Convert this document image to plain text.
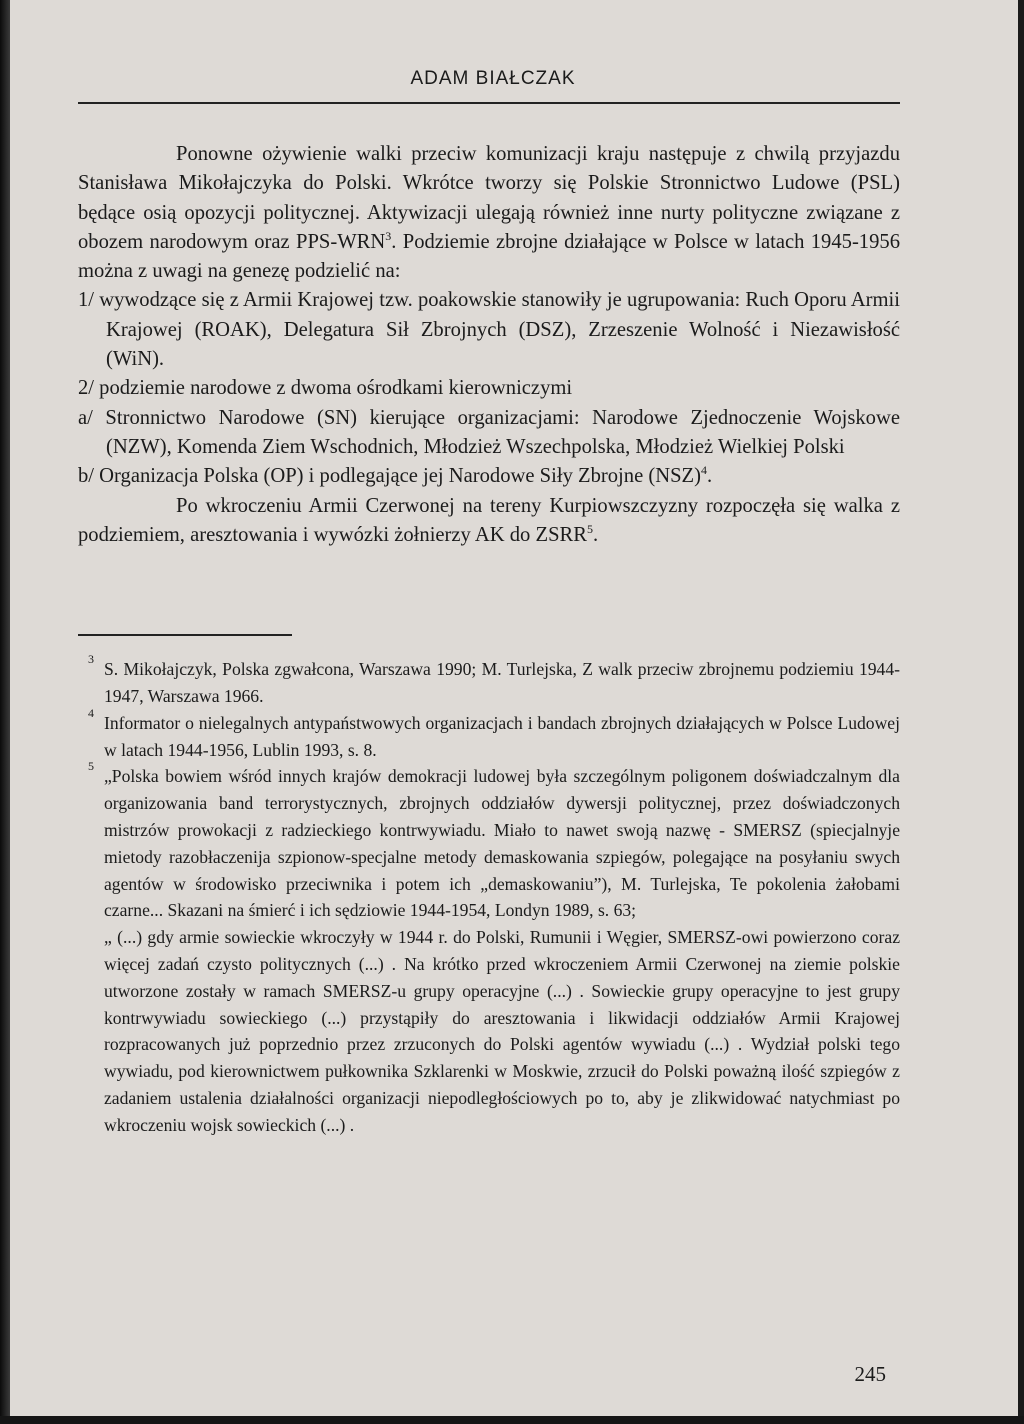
ADAM BIAŁCZAK

Ponowne ożywienie walki przeciw komunizacji kraju następuje z chwilą przyjazdu Stanisława Mikołajczyka do Polski. Wkrótce tworzy się Polskie Stronnictwo Ludowe (PSL) będące osią opozycji politycznej. Aktywizacji ulegają również inne nurty polityczne związane z obozem narodowym oraz PPS-WRN$^3$. Podziemie zbrojne działające w Polsce w latach 1945-1956 można z uwagi na genezę podzielić na:

1/ wywodzące się z Armii Krajowej tzw. poakowskie stanowiły je ugrupowania: Ruch Oporu Armii Krajowej (ROAK), Delegatura Sił Zbrojnych (DSZ), Zrzeszenie Wolność i Niezawisłość (WiN).

2/ podziemie narodowe z dwoma ośrodkami kierowniczymi

a/ Stronnictwo Narodowe (SN) kierujące organizacjami: Narodowe Zjednoczenie Wojskowe (NZW), Komenda Ziem Wschodnich, Młodzież Wszechpolska, Młodzież Wielkiej Polski

b/ Organizacja Polska (OP) i podlegające jej Narodowe Siły Zbrojne (NSZ)$^4$.

Po wkroczeniu Armii Czerwonej na tereny Kurpiowszczyzny rozpoczęła się walka z podziemiem, aresztowania i wywózki żołnierzy AK do ZSRR$^5$.

3 S. Mikołajczyk, Polska zgwałcona, Warszawa 1990; M. Turlejska, Z walk przeciw zbrojnemu podziemiu 1944-1947, Warszawa 1966.

4 Informator o nielegalnych antypaństwowych organizacjach i bandach zbrojnych działających w Polsce Ludowej w latach 1944-1956, Lublin 1993, s. 8.

5 „Polska bowiem wśród innych krajów demokracji ludowej była szczególnym poligonem doświadczalnym dla organizowania band terrorystycznych, zbrojnych oddziałów dywersji politycznej, przez doświadczonych mistrzów prowokacji z radzieckiego kontrwywiadu. Miało to nawet swoją nazwę - SMERSZ (spiecjalnyje mietody razobłaczenija szpionow-specjalne metody demaskowania szpiegów, polegające na posyłaniu swych agentów w środowisko przeciwnika i potem ich „demaskowaniu”), M. Turlejska, Te pokolenia żałobami czarne... Skazani na śmierć i ich sędziowie 1944-1954, Londyn 1989, s. 63;

„ (...) gdy armie sowieckie wkroczyły w 1944 r. do Polski, Rumunii i Węgier, SMERSZ-owi powierzono coraz więcej zadań czysto politycznych (...) . Na krótko przed wkroczeniem Armii Czerwonej na ziemie polskie utworzone zostały w ramach SMERSZ-u grupy operacyjne (...) . Sowieckie grupy operacyjne to jest grupy kontrwywiadu sowieckiego (...) przystąpiły do aresztowania i likwidacji oddziałów Armii Krajowej rozpracowanych już poprzednio przez zrzuconych do Polski agentów wywiadu (...) . Wydział polski tego wywiadu, pod kierownictwem pułkownika Szklarenki w Moskwie, zrzucił do Polski poważną ilość szpiegów z zadaniem ustalenia działalności organizacji niepodległościowych po to, aby je zlikwidować natychmiast po wkroczeniu wojsk sowieckich (...) .

245
